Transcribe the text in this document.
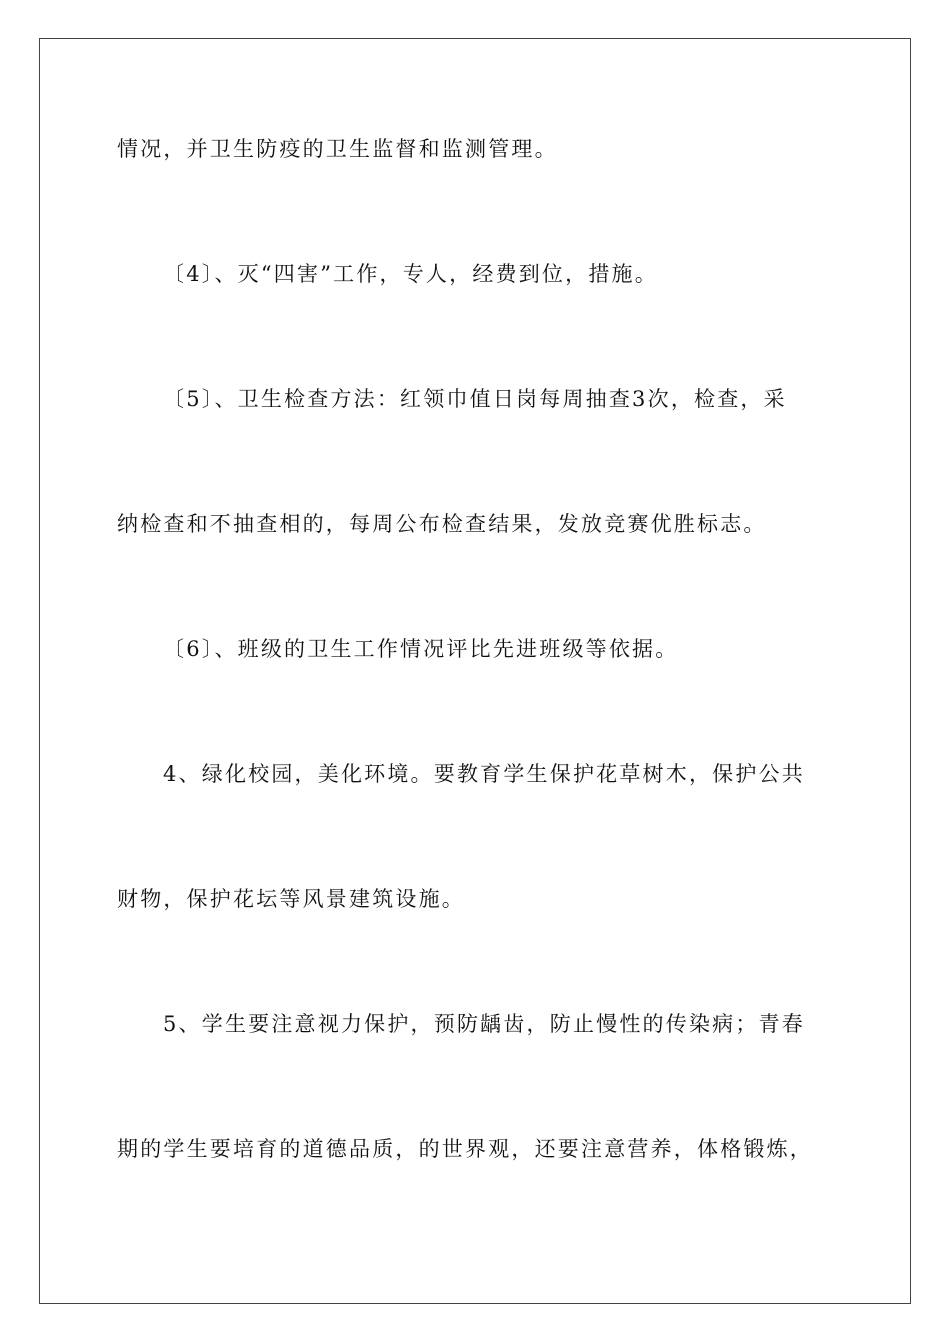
情况，并卫生防疫的卫生监督和监测管理。
〔4〕、灭“四害”工作，专人，经费到位，措施。
〔5〕、卫生检查方法：红领巾值日岗每周抽查3次，检查，采
纳检查和不抽查相的，每周公布检查结果，发放竞赛优胜标志。
〔6〕、班级的卫生工作情况评比先进班级等依据。
4、绿化校园，美化环境。要教育学生保护花草树木，保护公共
财物，保护花坛等风景建筑设施。
5、学生要注意视力保护，预防龋齿，防止慢性的传染病；青春
期的学生要培育的道德品质，的世界观，还要注意营养，体格锻炼，
